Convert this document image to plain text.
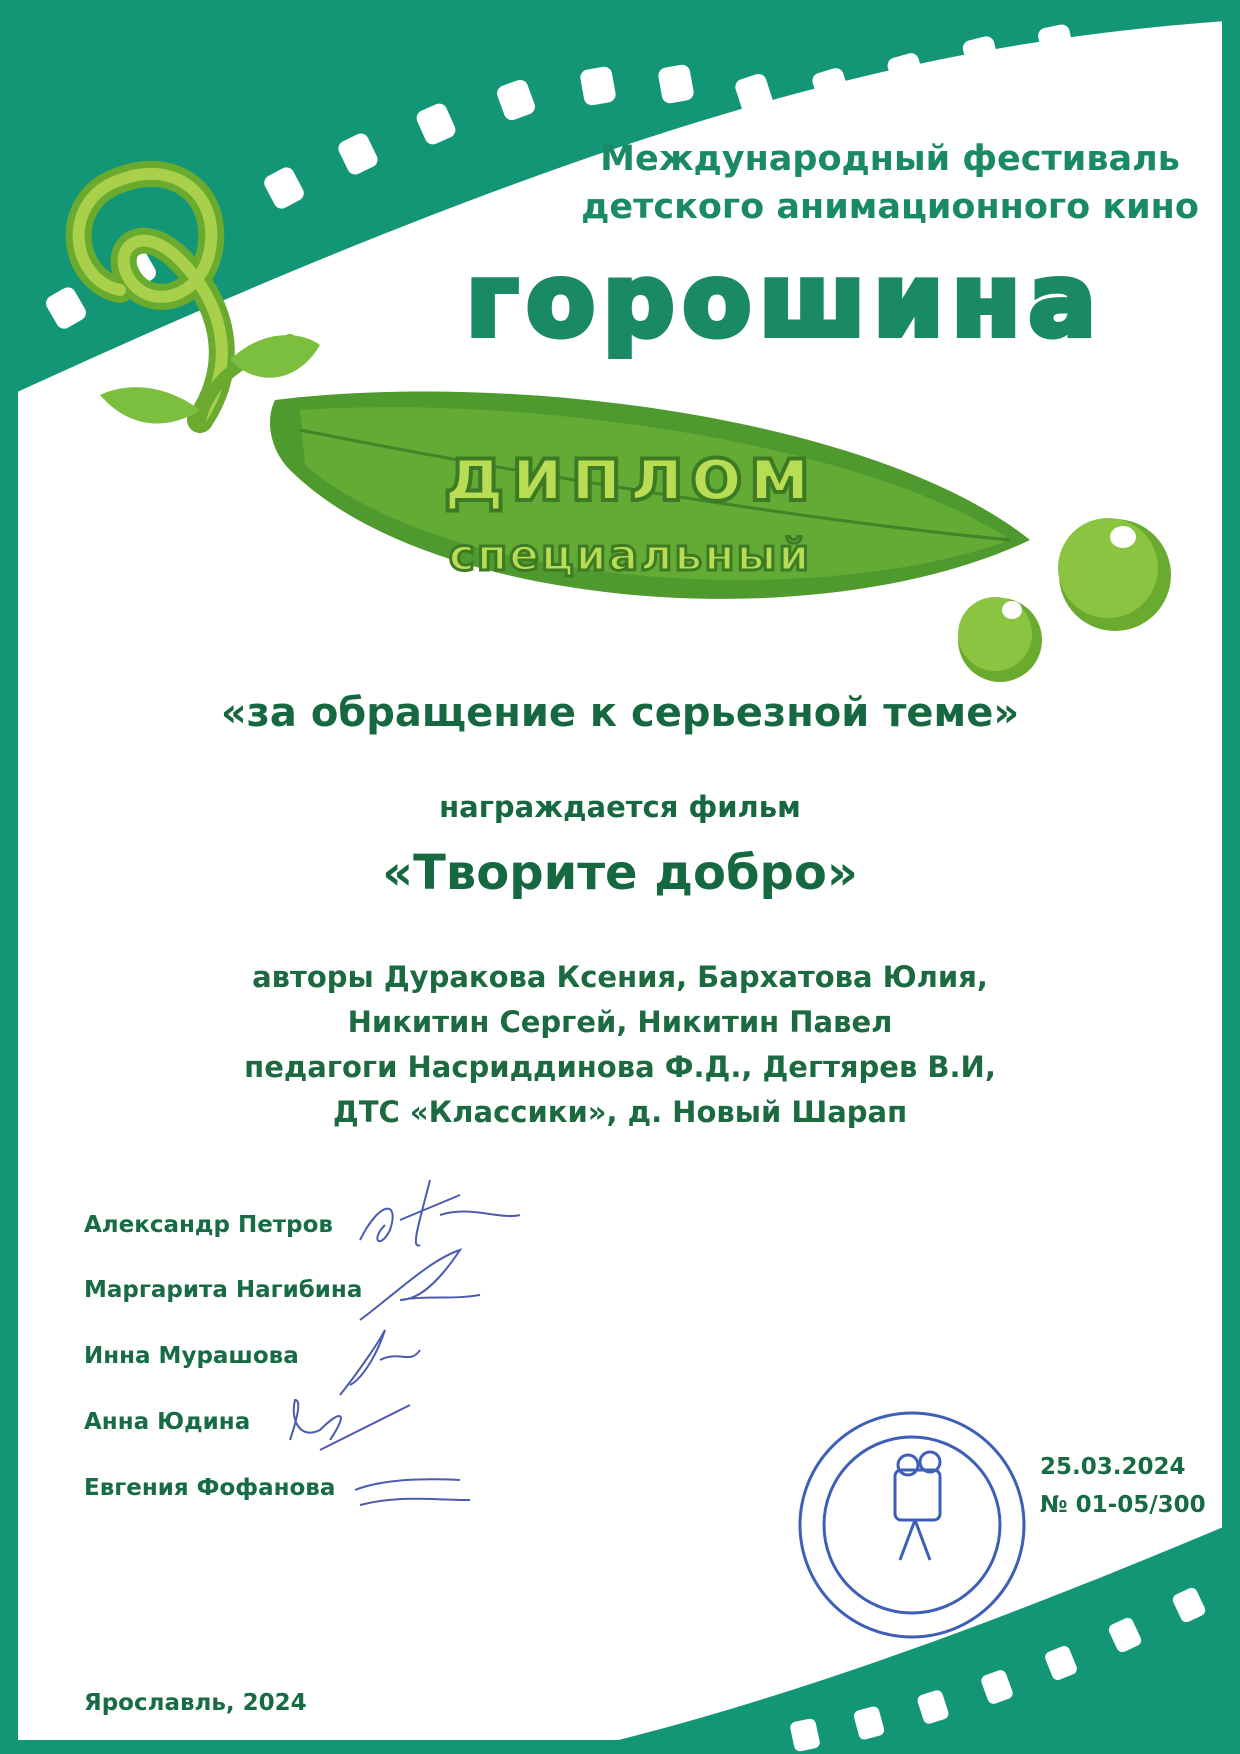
горошина
диплом
специальный
Международный фестиваль
детского анимационного кино
«за обращение к серьезной теме»
награждается фильм
«Творите добро»
авторы Дуракова Ксения, Бархатова Юлия,
Никитин Сергей, Никитин Павел
педагоги Насриддинова Ф.Д., Дегтярев В.И,
ДТС «Классики», д. Новый Шарап
Александр Петров
Маргарита Нагибина
Инна Мурашова
Анна Юдина
Евгения Фофанова
25.03.2024
№ 01-05/300
Ярославль, 2024
